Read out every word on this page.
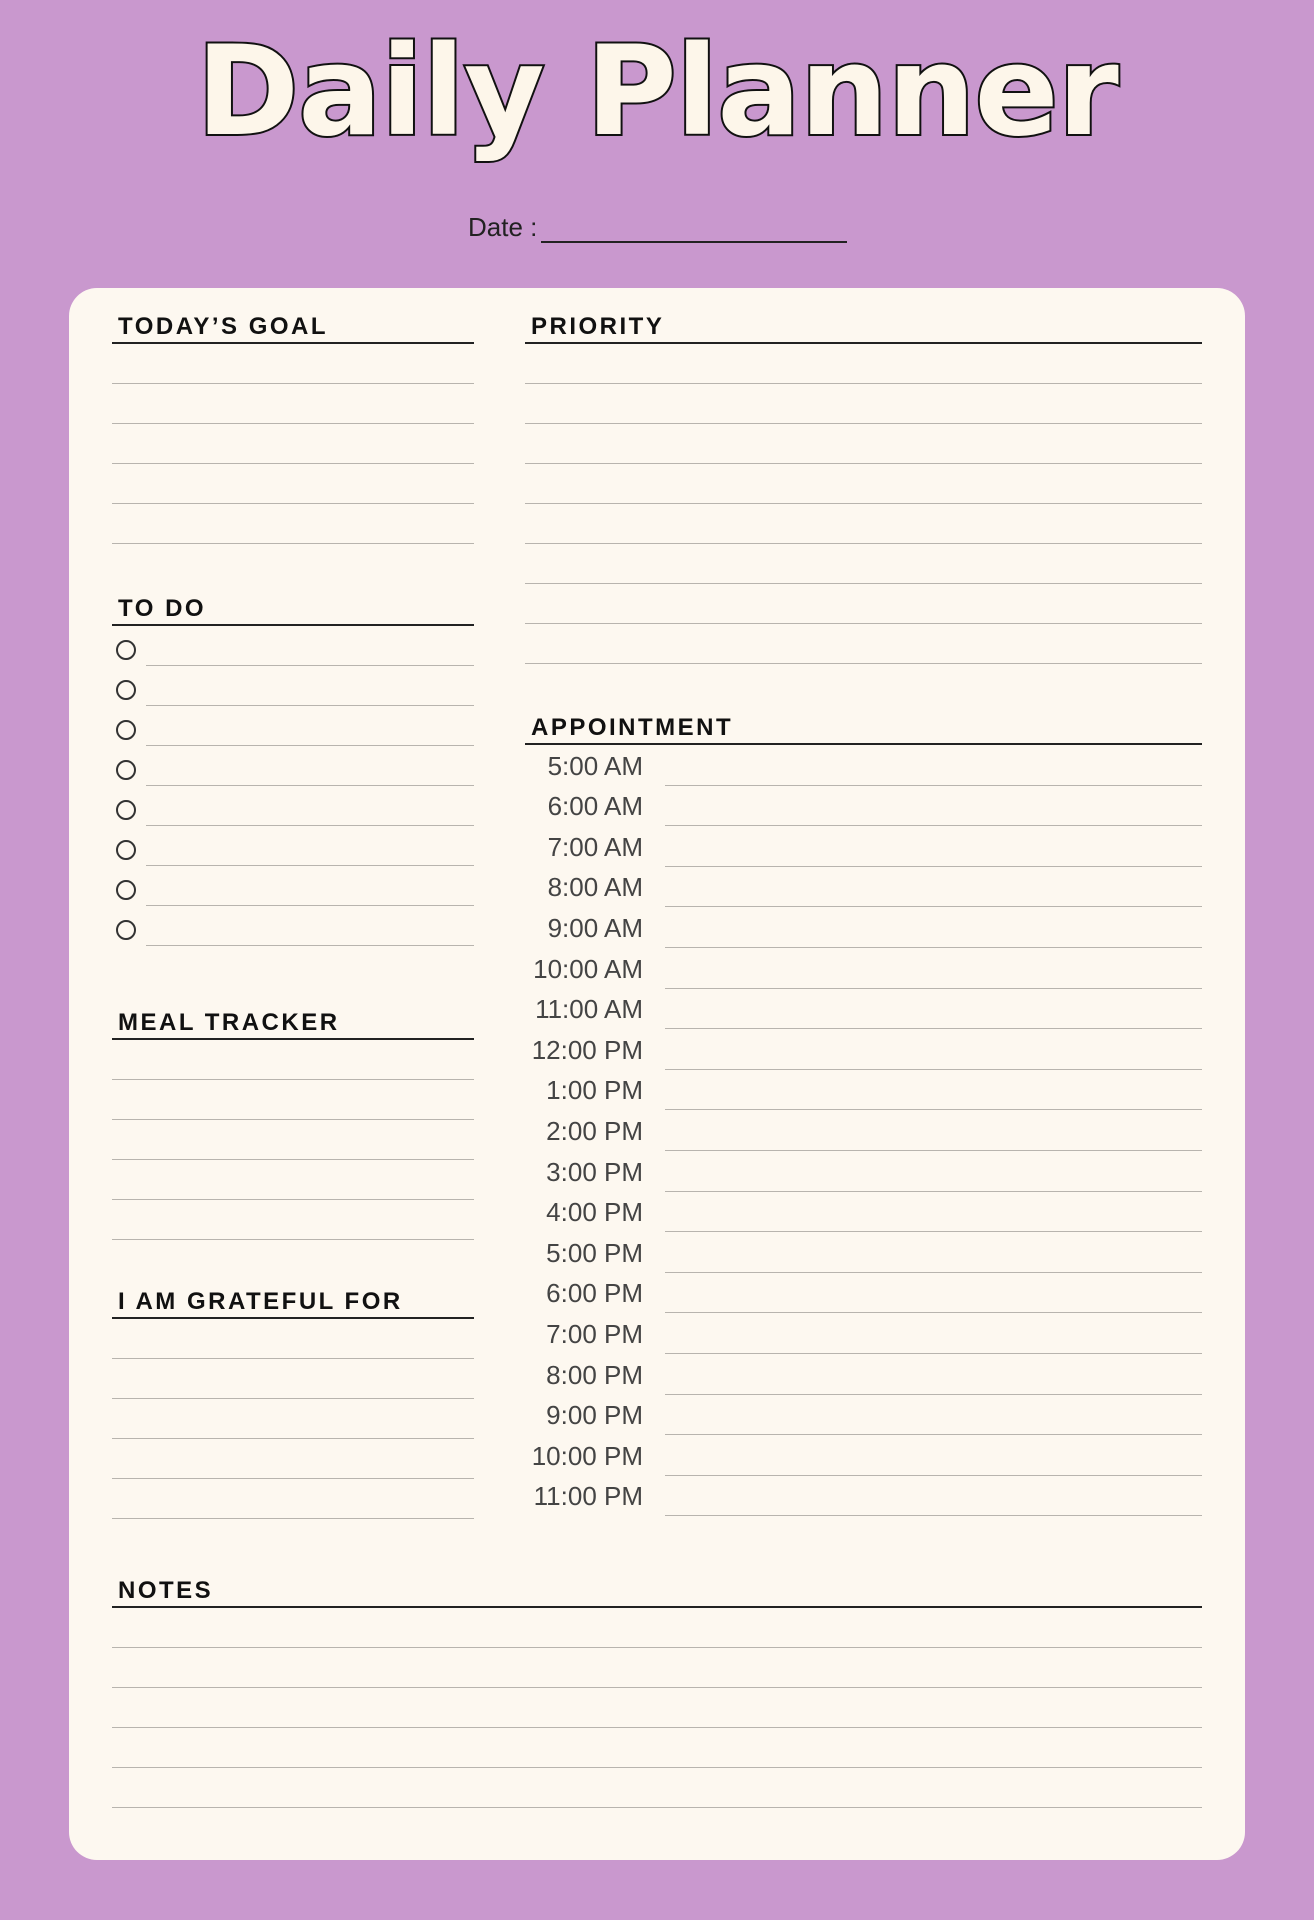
Daily Planner
Date :
TODAY’S GOAL	PRIORITY
TO DO
APPOINTMENT
5:00 AM
6:00 AM
7:00 AM
8:00 AM
9:00 AM
10:00 AM
11:00 AM
12:00 PM
1:00 PM
2:00 PM
3:00 PM
4:00 PM
5:00 PM
6:00 PM
7:00 PM
8:00 PM
9:00 PM
10:00 PM
11:00 PM
MEAL TRACKER
I AM GRATEFUL FOR
NOTES
